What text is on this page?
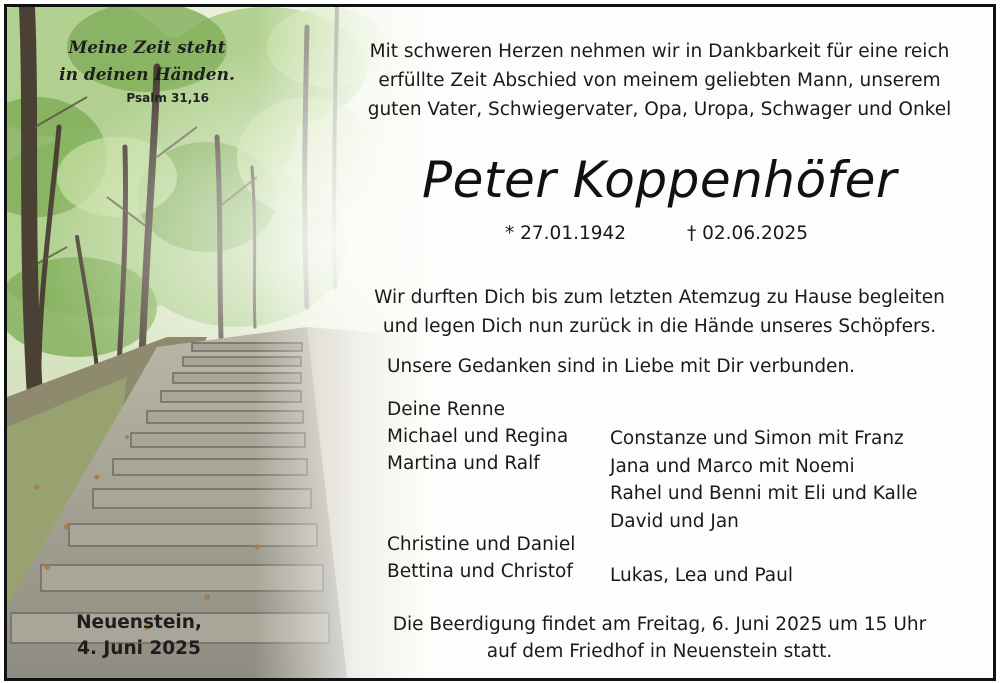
Meine Zeit steht
in deinen Händen.
Psalm 31,16
Mit schweren Herzen nehmen wir in Dankbarkeit für eine reich
erfüllte Zeit Abschied von meinem geliebten Mann, unserem
guten Vater, Schwiegervater, Opa, Uropa, Schwager und Onkel
Peter Koppenhöfer
* 27.01.1942	† 02.06.2025
Wir durften Dich bis zum letzten Atemzug zu Hause begleiten
und legen Dich nun zurück in die Hände unseres Schöpfers.
Unsere Gedanken sind in Liebe mit Dir verbunden.
Deine Renne
Michael und Regina
Martina und Ralf
Christine und Daniel
Bettina und Christof
Constanze und Simon mit Franz
Jana und Marco mit Noemi
Rahel und Benni mit Eli und Kalle
David und Jan
Lukas, Lea und Paul
Neuenstein,
4. Juni 2025
Die Beerdigung findet am Freitag, 6. Juni 2025 um 15 Uhr
auf dem Friedhof in Neuenstein statt.
